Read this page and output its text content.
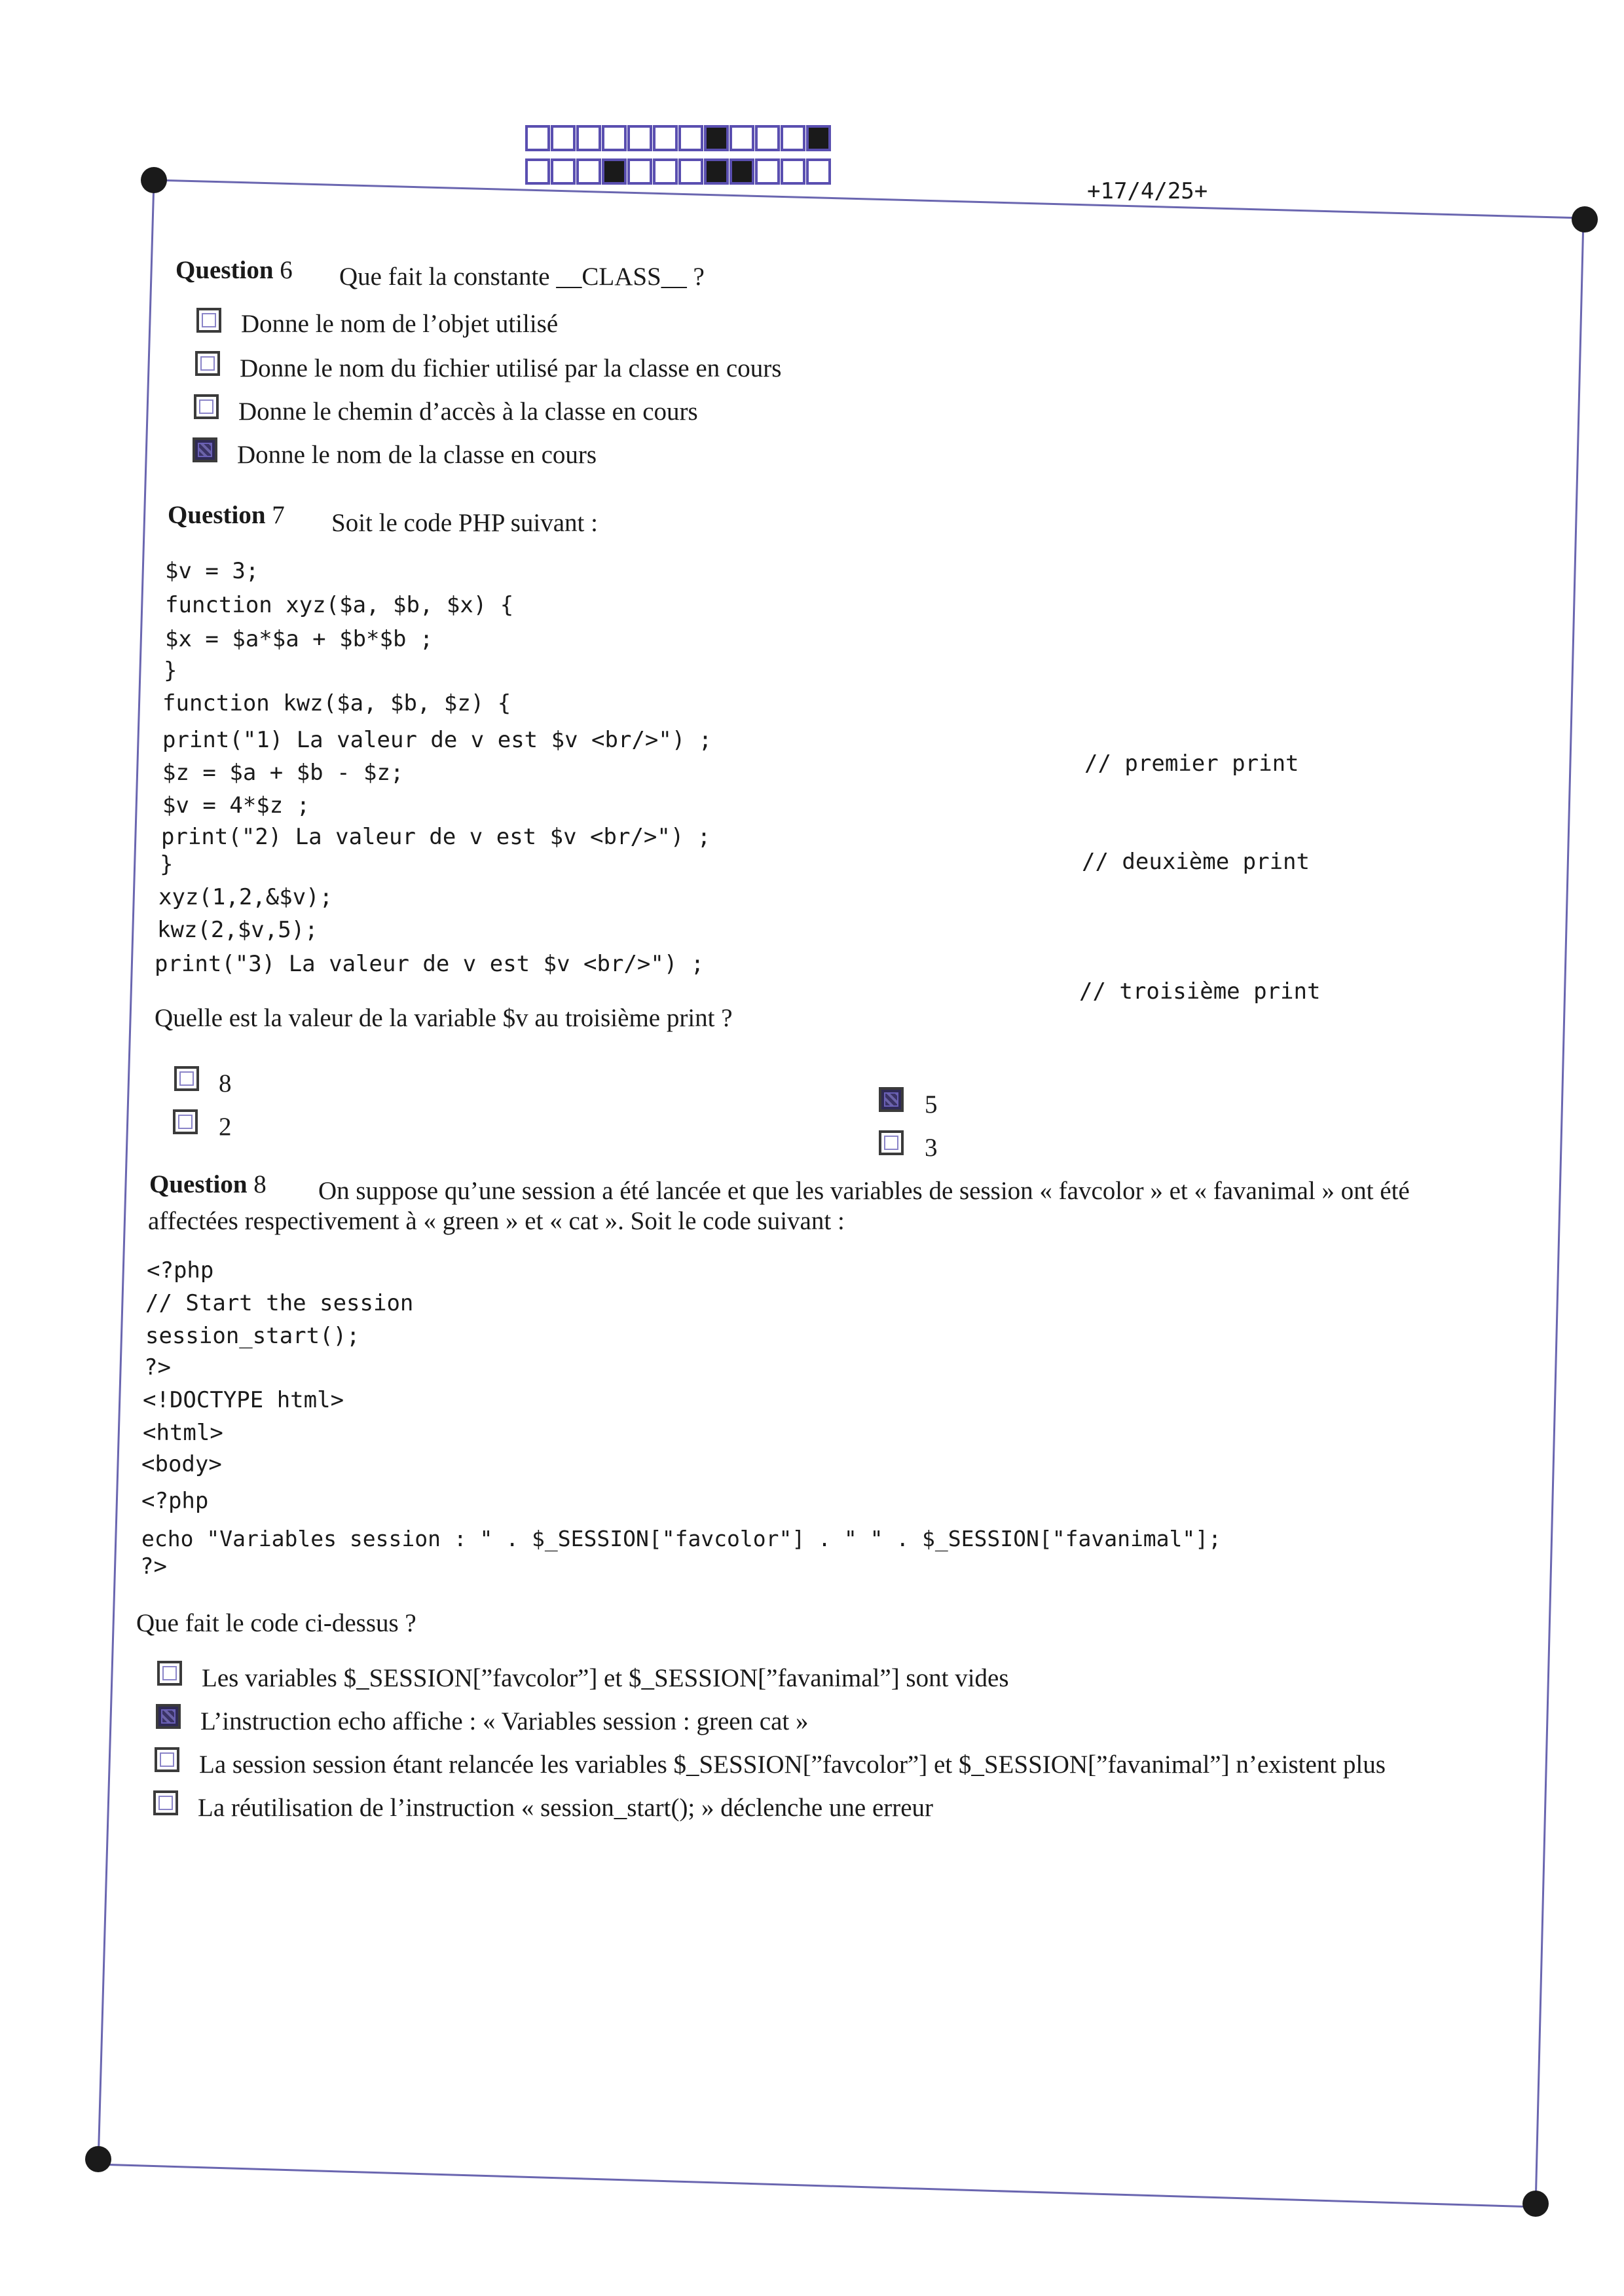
+17/4/25+
Question 6 Que fait la constante __CLASS__ ?
Donne le nom de l’objet utilisé
Donne le nom du fichier utilisé par la classe en cours
Donne le chemin d’accès à la classe en cours
Donne le nom de la classe en cours
Question 7 Soit le code PHP suivant :
$v = 3;
function xyz($a, $b, $x) {
$x = $a*$a + $b*$b ;
}
function kwz($a, $b, $z) {
print("1) La valeur de v est $v <br/>") ;
$z = $a + $b - $z;
$v = 4*$z ;
print("2) La valeur de v est $v <br/>") ;
}
xyz(1,2,&$v);
kwz(2,$v,5);
print("3) La valeur de v est $v <br/>") ;
// premier print
// deuxième print
// troisième print
Quelle est la valeur de la variable $v au troisième print ?
8
2
5
3
Question 8 On suppose qu’une session a été lancée et que les variables de session « favcolor » et « favanimal » ont été
affectées respectivement à « green » et « cat ». Soit le code suivant :
<?php
// Start the session
session_start();
?>
<!DOCTYPE html>
<html>
<body>
<?php
echo "Variables session : " . $_SESSION["favcolor"] . " " . $_SESSION["favanimal"];
?>
Que fait le code ci-dessus ?
Les variables $_SESSION[”favcolor”] et $_SESSION[”favanimal”] sont vides
L’instruction echo affiche : « Variables session : green cat »
La session session étant relancée les variables $_SESSION[”favcolor”] et $_SESSION[”favanimal”] n’existent plus
La réutilisation de l’instruction « session_start(); » déclenche une erreur
